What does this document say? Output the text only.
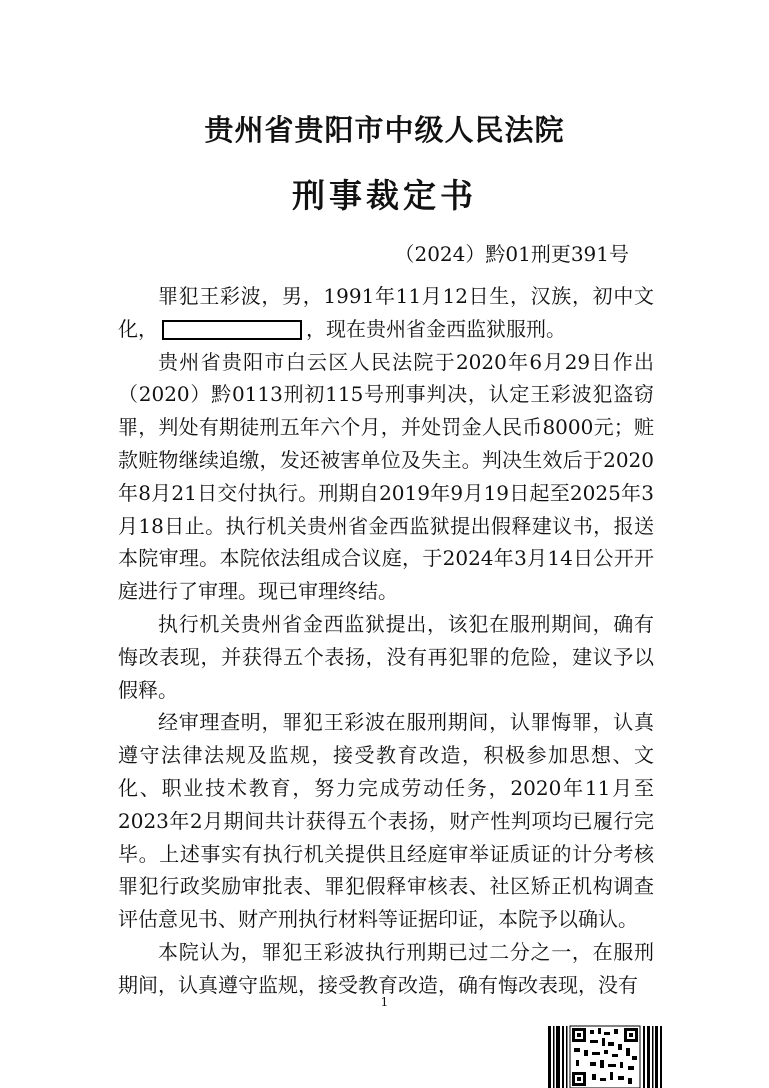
贵州省贵阳市中级人民法院
刑事裁定书
（2024）黔01刑更391号

罪犯王彩波，男，1991年11月12日生，汉族，初中文化，	，现在贵州省金西监狱服刑。

贵州省贵阳市白云区人民法院于2020年6月29日作出（2020）黔0113刑初115号刑事判决，认定王彩波犯盗窃罪，判处有期徒刑五年六个月，并处罚金人民币8000元；赃款赃物继续追缴，发还被害单位及失主。判决生效后于2020年8月21日交付执行。刑期自2019年9月19日起至2025年3月18日止。执行机关贵州省金西监狱提出假释建议书，报送本院审理。本院依法组成合议庭，于2024年3月14日公开开庭进行了审理。现已审理终结。

执行机关贵州省金西监狱提出，该犯在服刑期间，确有悔改表现，并获得五个表扬，没有再犯罪的危险，建议予以假释。

经审理查明，罪犯王彩波在服刑期间，认罪悔罪，认真遵守法律法规及监规，接受教育改造，积极参加思想、文化、职业技术教育，努力完成劳动任务，2020年11月至2023年2月期间共计获得五个表扬，财产性判项均已履行完毕。上述事实有执行机关提供且经庭审举证质证的计分考核罪犯行政奖励审批表、罪犯假释审核表、社区矫正机构调查评估意见书、财产刑执行材料等证据印证，本院予以确认。

本院认为，罪犯王彩波执行刑期已过二分之一，在服刑期间，认真遵守监规，接受教育改造，确有悔改表现，没有

1
